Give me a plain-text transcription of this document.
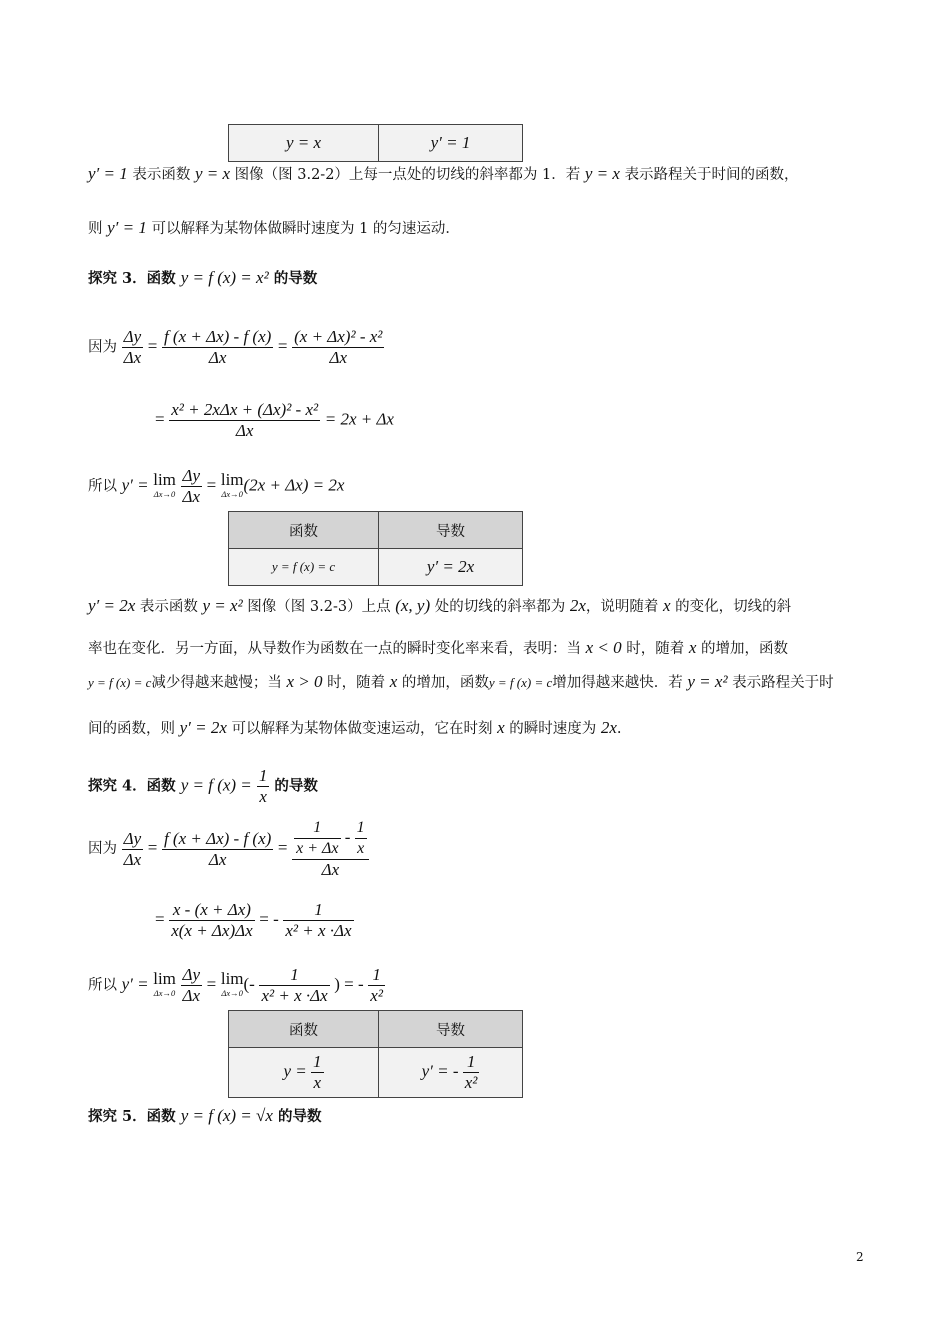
y = x	y′ = 1
y′ = 1 表示函数 y = x 图像（图 3.2-2）上每一点处的切线的斜率都为 1．若 y = x 表示路程关于时间的函数，
则 y′ = 1 可以解释为某物体做瞬时速度为 1 的匀速运动．
探究 3．函数 y = f (x) = x² 的导数
因为 $\frac{\Delta y}{\Delta x} = \frac{f (x + \Delta x) - f (x)}{\Delta x} = \frac{\text{(x + Δx)² - x²}}{\Delta x}$
= $\frac{\text{x² + 2xΔx + (Δx)² - x²}}{\Delta x} = 2x + \Delta x$
所以 y′ = lim
Δx→0
$\frac{\Delta y}{\Delta x} = \lim$
Δx→0 (2x + Δx) = 2x
函数	导数
y = f (x) = c	y′ = 2x
y′ = 2x 表示函数 y = x² 图像（图 3.2-3）上点 (x, y) 处的切线的斜率都为 2x，说明随着 x 的变化，切线的斜
率也在变化．另一方面，从导数作为函数在一点的瞬时变化率来看，表明：当 x < 0 时，随着 x 的增加，函数
y = f (x) = c减少得越来越慢；当 x > 0 时，随着 x 的增加，函数y = f (x) = c增加得越来越快．若 y = x² 表示路程关于时
间的函数，则 y′ = 2x 可以解释为某物体做变速运动，它在时刻 x 的瞬时速度为 2x.
探究 4．函数 y = f $(x) = \frac{1}{x}$ 的导数
因为 $\frac{\Delta y}{\Delta x} = \frac{f (x + \Delta x) - f (x)}{\Delta x} = \frac{\frac{1}{x + \Delta x} - \frac{1}{x}}{\Delta x}$
= $\frac{x - (x + \Delta x)}{x(x + \Delta x)\Delta x}$ = - $\frac{1}{\text{x² + x ·Δx}}$
所以 y′ = lim
Δx→0
$\frac{\Delta y}{\Delta x} = \lim$
Δx→0 (- $\frac{1}{\text{x² + x ·Δx}}$ ) = - $\frac{1}{\text{x²}}$
函数	导数
$y = \frac{1}{x}$	y′ = - $\frac{1}{\text{x²}}$
探究 5．函数 y = f (x) = √x 的导数
2
